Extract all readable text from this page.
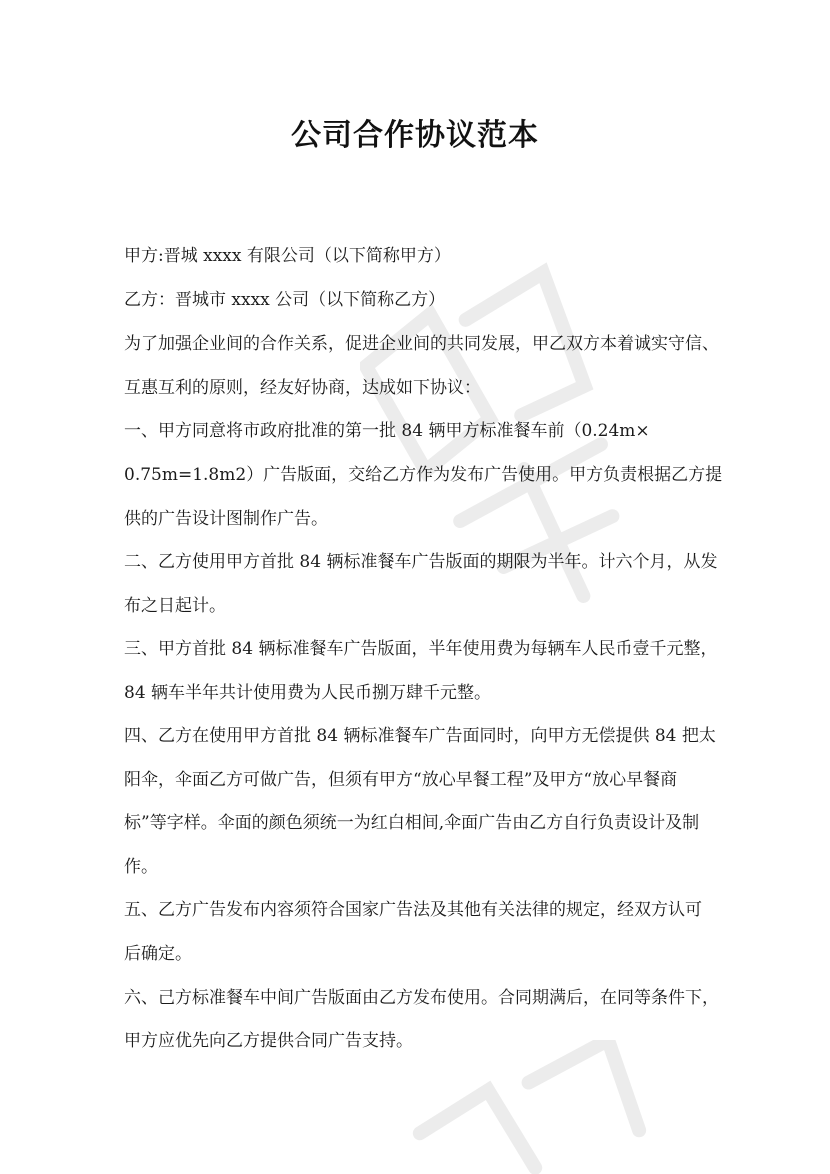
公司合作协议范本
甲方:晋城 xxxx 有限公司（以下简称甲方）
乙方：晋城市 xxxx 公司（以下简称乙方）
为了加强企业间的合作关系，促进企业间的共同发展，甲乙双方本着诚实守信、
互惠互利的原则，经友好协商，达成如下协议：
一、甲方同意将市政府批准的第一批 84 辆甲方标准餐车前（0.24m×
0.75m=1.8m2）广告版面，交给乙方作为发布广告使用。甲方负责根据乙方提
供的广告设计图制作广告。
二、乙方使用甲方首批 84 辆标准餐车广告版面的期限为半年。计六个月，从发
布之日起计。
三、甲方首批 84 辆标准餐车广告版面，半年使用费为每辆车人民币壹千元整，
84 辆车半年共计使用费为人民币捌万肆千元整。
四、乙方在使用甲方首批 84 辆标准餐车广告面同时，向甲方无偿提供 84 把太
阳伞，伞面乙方可做广告，但须有甲方“放心早餐工程”及甲方“放心早餐商
标”等字样。伞面的颜色须统一为红白相间,伞面广告由乙方自行负责设计及制
作。
五、乙方广告发布内容须符合国家广告法及其他有关法律的规定，经双方认可
后确定。
六、己方标准餐车中间广告版面由乙方发布使用。合同期满后，在同等条件下，
甲方应优先向乙方提供合同广告支持。
